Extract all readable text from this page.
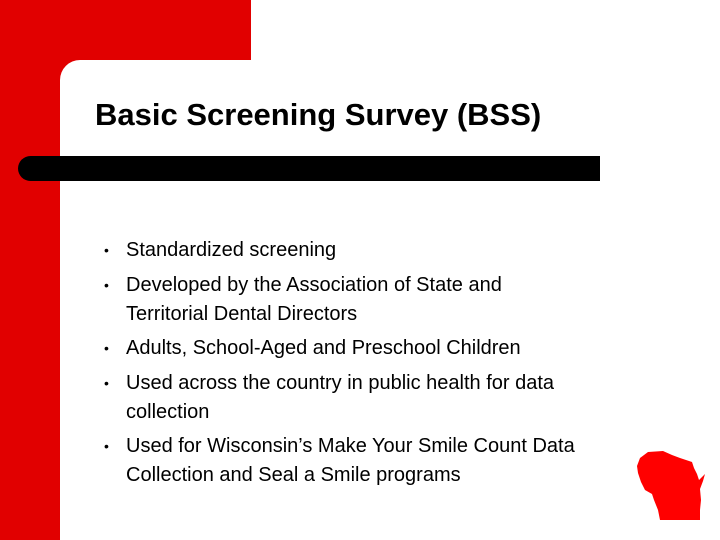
Basic Screening Survey (BSS)
• Standardized screening
• Developed by the Association of State and
Territorial Dental Directors
• Adults, School-Aged and Preschool Children
• Used across the country in public health for data
collection
• Used for Wisconsin’s Make Your Smile Count Data
Collection and Seal a Smile programs
